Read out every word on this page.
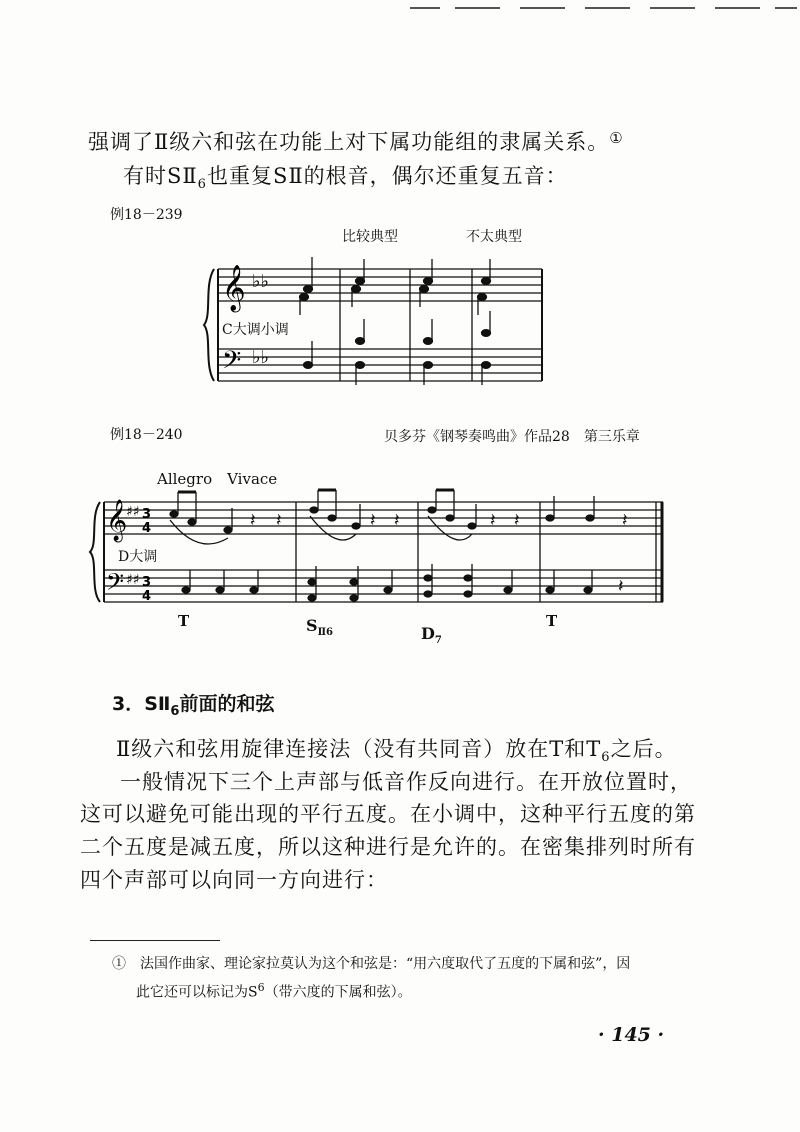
强调了Ⅱ级六和弦在功能上对下属功能组的隶属关系。①
有时$SⅡ_6$也重复SⅡ的根音，偶尔还重复五音：
例18－239
比较典型	不太典型
𝄞
𝄢
♭♭
♭♭
C大调小调
例18－240	贝多芬《钢琴奏鸣曲》作品28　第三乐章
Allegro　Vivace
𝄞
𝄢
♯♯
♯♯
3
4
3
4
𝄽 𝄽	𝄽 𝄽	𝄽 𝄽	𝄽
𝄽
D大调
T	$S_{Ⅱ6}$	$D_7$
T
3．$SⅡ_6$前面的和弦
Ⅱ级六和弦用旋律连接法（没有共同音）放在T和$T_6$之后。
一般情况下三个上声部与低音作反向进行。在开放位置时，
这可以避免可能出现的平行五度。在小调中，这种平行五度的第
二个五度是减五度，所以这种进行是允许的。在密集排列时所有
四个声部可以向同一方向进行：
①　 法国作曲家、理论家拉莫认为这个和弦是：“用六度取代了五度的下属和弦”，因
此它还可以标记为$S^6$（带六度的下属和弦）。
· 145 ·
